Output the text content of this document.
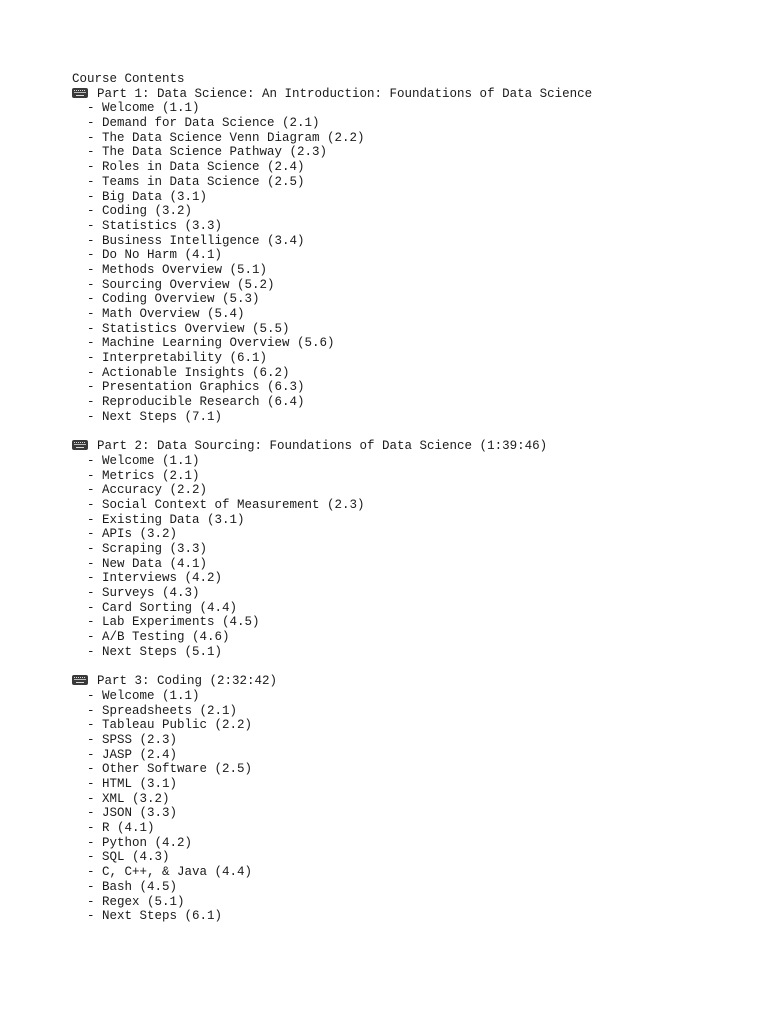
Course Contents
Part 1: Data Science: An Introduction: Foundations of Data Science
- Welcome (1.1)
- Demand for Data Science (2.1)
- The Data Science Venn Diagram (2.2)
- The Data Science Pathway (2.3)
- Roles in Data Science (2.4)
- Teams in Data Science (2.5)
- Big Data (3.1)
- Coding (3.2)
- Statistics (3.3)
- Business Intelligence (3.4)
- Do No Harm (4.1)
- Methods Overview (5.1)
- Sourcing Overview (5.2)
- Coding Overview (5.3)
- Math Overview (5.4)
- Statistics Overview (5.5)
- Machine Learning Overview (5.6)
- Interpretability (6.1)
- Actionable Insights (6.2)
- Presentation Graphics (6.3)
- Reproducible Research (6.4)
- Next Steps (7.1)
Part 2: Data Sourcing: Foundations of Data Science (1:39:46)
- Welcome (1.1)
- Metrics (2.1)
- Accuracy (2.2)
- Social Context of Measurement (2.3)
- Existing Data (3.1)
- APIs (3.2)
- Scraping (3.3)
- New Data (4.1)
- Interviews (4.2)
- Surveys (4.3)
- Card Sorting (4.4)
- Lab Experiments (4.5)
- A/B Testing (4.6)
- Next Steps (5.1)
Part 3: Coding (2:32:42)
- Welcome (1.1)
- Spreadsheets (2.1)
- Tableau Public (2.2)
- SPSS (2.3)
- JASP (2.4)
- Other Software (2.5)
- HTML (3.1)
- XML (3.2)
- JSON (3.3)
- R (4.1)
- Python (4.2)
- SQL (4.3)
- C, C++, & Java (4.4)
- Bash (4.5)
- Regex (5.1)
- Next Steps (6.1)
